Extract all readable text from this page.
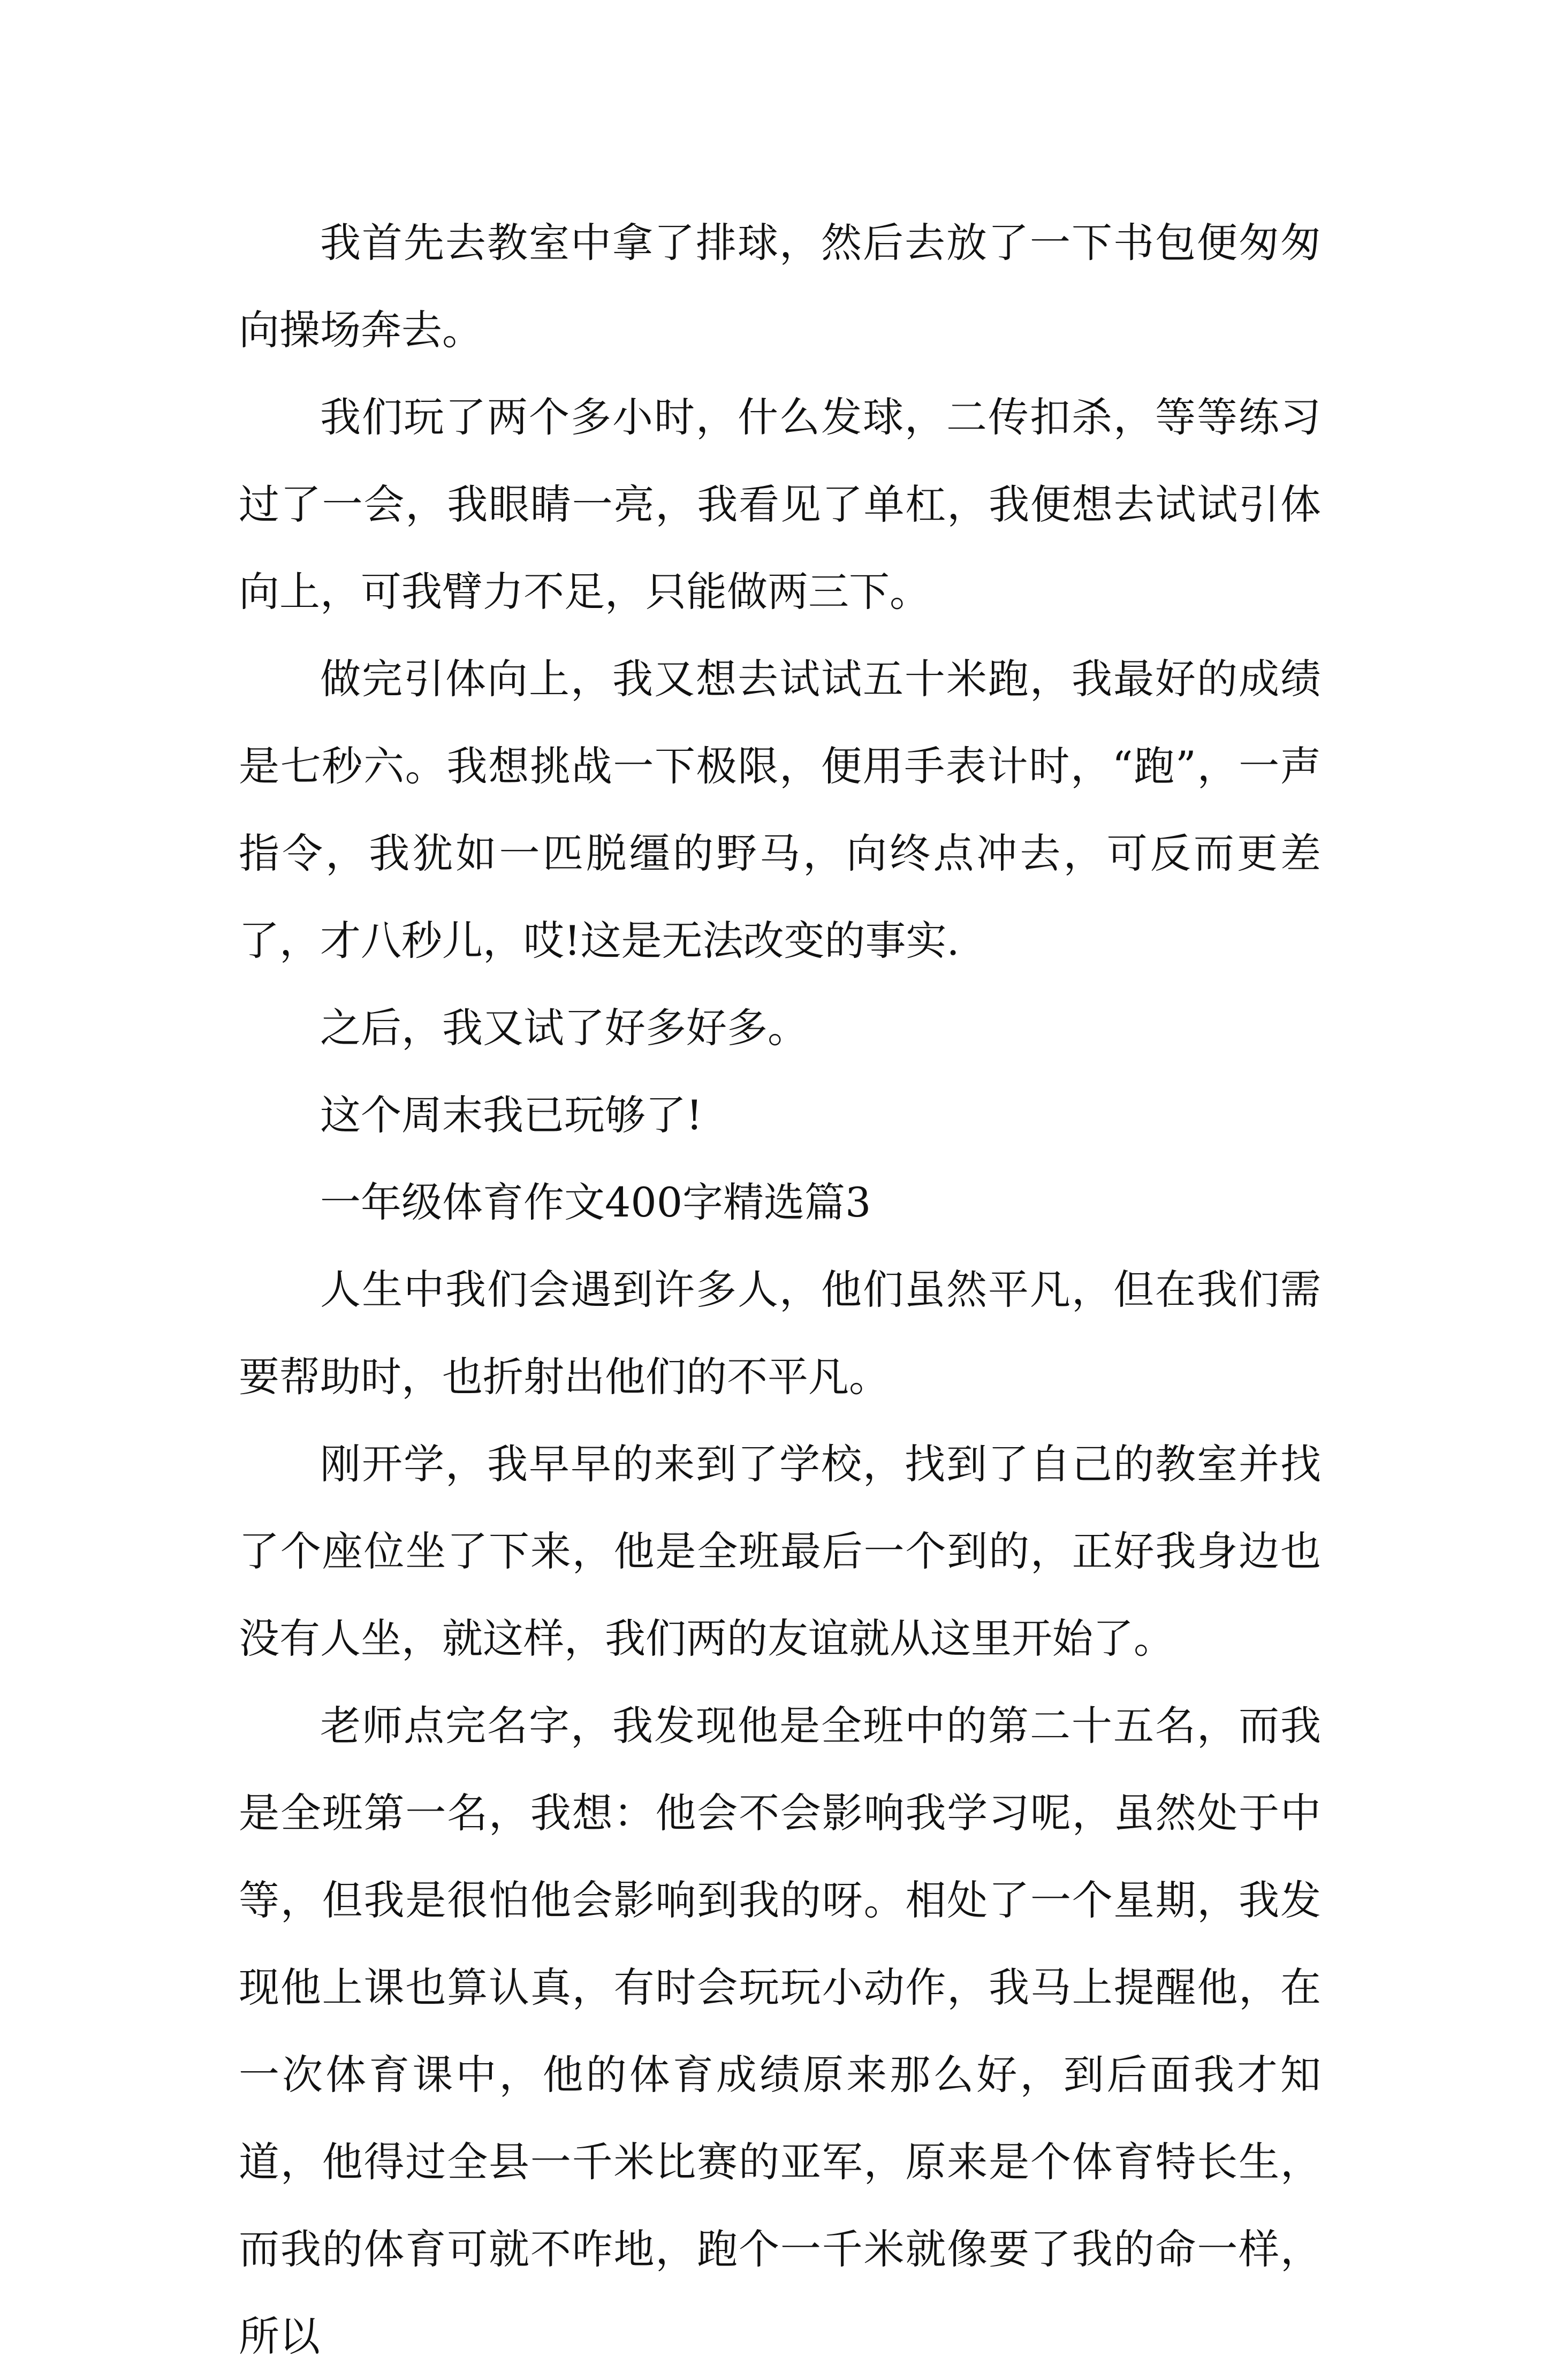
我首先去教室中拿了排球，然后去放了一下书包便匆匆向操场奔去。

我们玩了两个多小时，什么发球，二传扣杀，等等练习过了一会，我眼睛一亮，我看见了单杠，我便想去试试引体向上，可我臂力不足，只能做两三下。

做完引体向上，我又想去试试五十米跑，我最好的成绩是七秒六。我想挑战一下极限，便用手表计时，“跑”，一声指令，我犹如一匹脱缰的野马，向终点冲去，可反而更差了，才八秒儿，哎!这是无法改变的事实.

之后，我又试了好多好多。

这个周末我已玩够了!

一年级体育作文400字精选篇3

人生中我们会遇到许多人，他们虽然平凡，但在我们需要帮助时，也折射出他们的不平凡。

刚开学，我早早的来到了学校，找到了自己的教室并找了个座位坐了下来，他是全班最后一个到的，正好我身边也没有人坐，就这样，我们两的友谊就从这里开始了。

老师点完名字，我发现他是全班中的第二十五名，而我是全班第一名，我想：他会不会影响我学习呢，虽然处于中等，但我是很怕他会影响到我的呀。相处了一个星期，我发现他上课也算认真，有时会玩玩小动作，我马上提醒他，在一次体育课中，他的体育成绩原来那么好，到后面我才知道，他得过全县一千米比赛的亚军，原来是个体育特长生，而我的体育可就不咋地，跑个一千米就像要了我的命一样，所以
